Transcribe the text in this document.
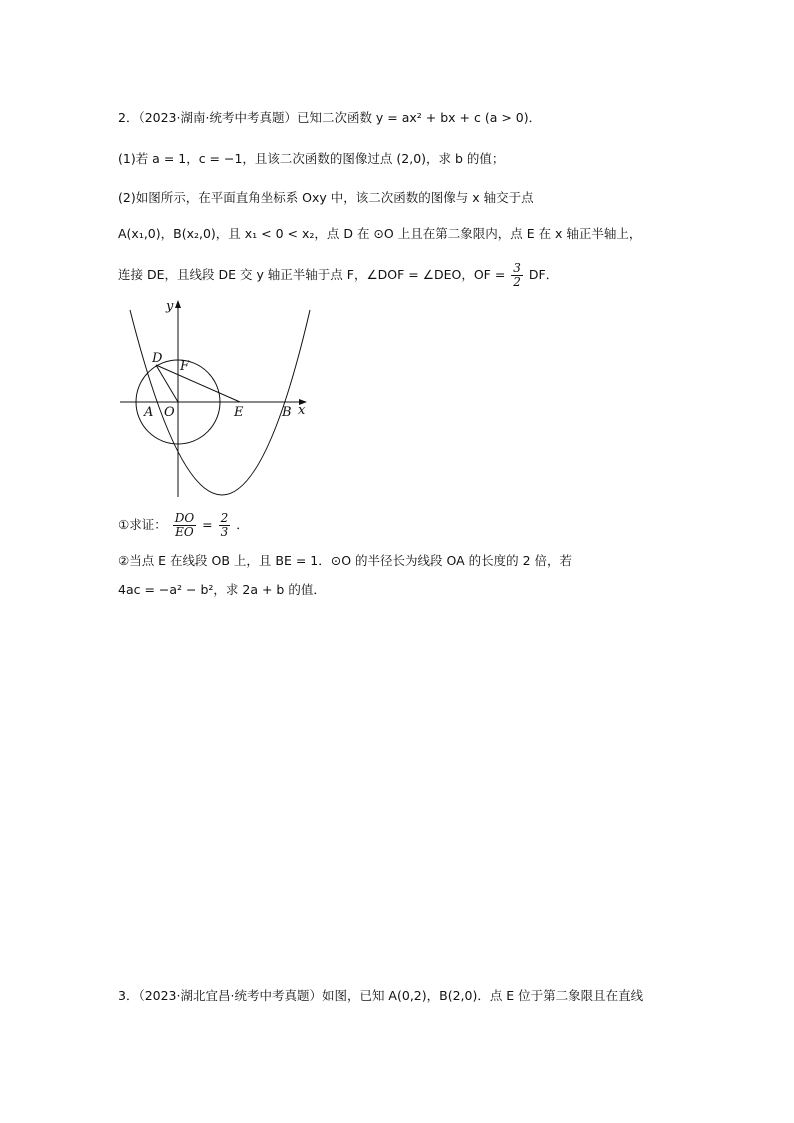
2．（2023·湖南·统考中考真题）已知二次函数 y = ax² + bx + c (a > 0)．
(1)若 a = 1，c = −1，且该二次函数的图像过点 (2,0)，求 b 的值；
(2)如图所示，在平面直角坐标系 Oxy 中，该二次函数的图像与 x 轴交于点
A(x₁,0)，B(x₂,0)，且 x₁ < 0 < x₂，点 D 在 ⊙O 上且在第二象限内，点 E 在 x 轴正半轴上，
连接 DE，且线段 DE 交 y 轴正半轴于点 F，∠DOF = ∠DEO，OF = $\frac{3}{2}$ DF．
y
x
D
F
A O	E	B
①求证： $\frac{DO}{EO} = \frac{2}{3}$ ．
②当点 E 在线段 OB 上，且 BE = 1．⊙O 的半径长为线段 OA 的长度的 2 倍，若
4ac = −a² − b²，求 2a + b 的值．
3．（2023·湖北宜昌·统考中考真题）如图，已知 A(0,2)，B(2,0)．点 E 位于第二象限且在直线
